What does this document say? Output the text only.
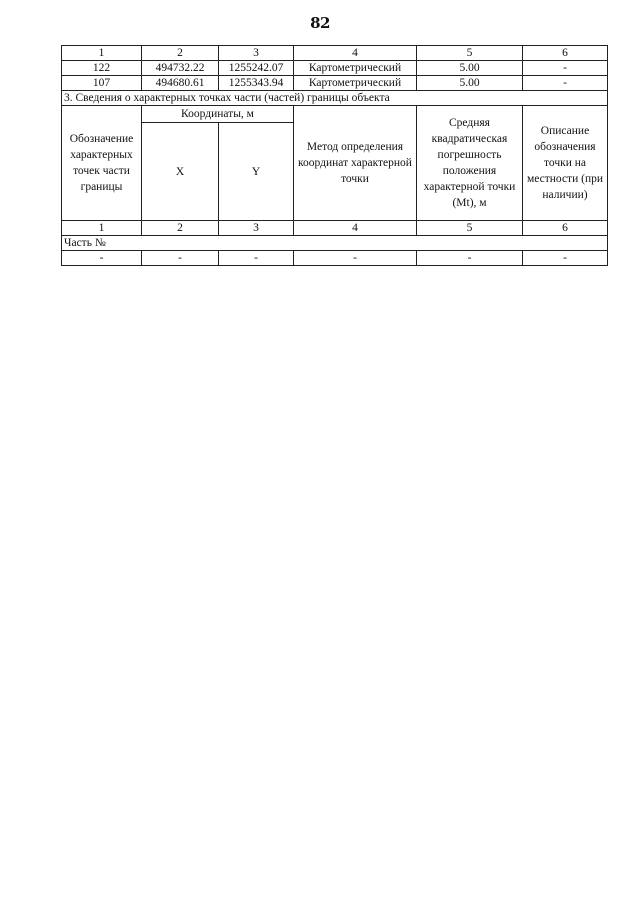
82
1	2	3	4	5	6
122	494732.22	1255242.07	Картометрический	5.00	-
107	494680.61	1255343.94	Картометрический	5.00	-
3. Сведения о характерных точках части (частей) границы объекта					
Обозначение характерных точек части границы	Координаты, м		Метод определения координат характерной точки	Средняя квадратическая погрешность положения характерной точки (Mt), м	Описание обозначения точки на местности (при наличии)
	X	Y			
1	2	3	4	5	6
Часть №					
-	-	-	-	-	-
